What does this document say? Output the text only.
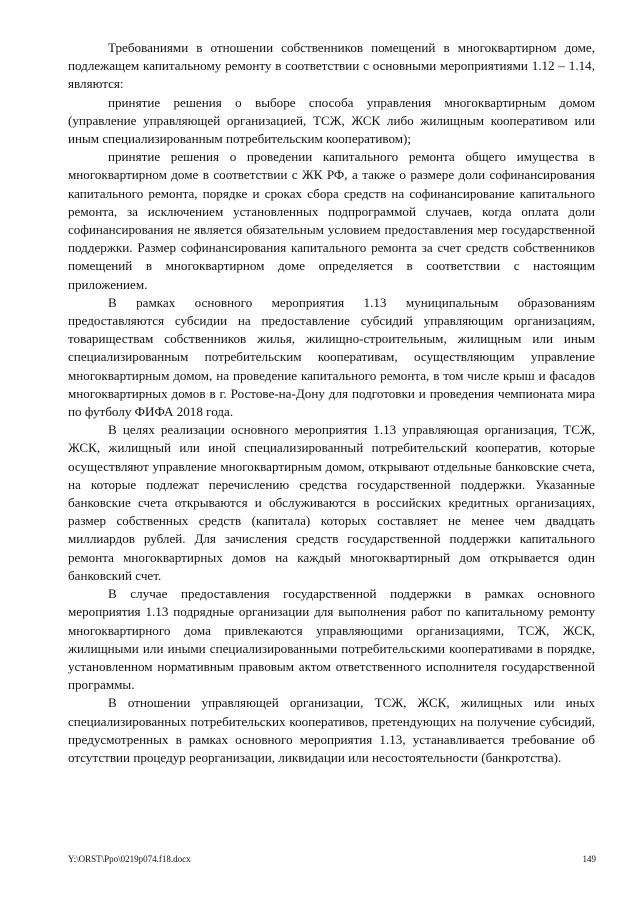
Требованиями в отношении собственников помещений в многоквартирном доме, подлежащем капитальному ремонту в соответствии с основными мероприятиями 1.12 – 1.14, являются:

принятие решения о выборе способа управления многоквартирным домом (управление управляющей организацией, ТСЖ, ЖСК либо жилищным кооперативом или иным специализированным потребительским кооперативом);

принятие решения о проведении капитального ремонта общего имущества в многоквартирном доме в соответствии с ЖК РФ, а также о размере доли софинансирования капитального ремонта, порядке и сроках сбора средств на софинансирование капитального ремонта, за исключением установленных подпрограммой случаев, когда оплата доли софинансирования не является обязательным условием предоставления мер государственной поддержки. Размер софинансирования капитального ремонта за счет средств собственников помещений в многоквартирном доме определяется в соответствии с настоящим приложением.

В рамках основного мероприятия 1.13 муниципальным образованиям предоставляются субсидии на предоставление субсидий управляющим организациям, товариществам собственников жилья, жилищно-строительным, жилищным или иным специализированным потребительским кооперативам, осуществляющим управление многоквартирным домом, на проведение капитального ремонта, в том числе крыш и фасадов многоквартирных домов в г. Ростове-на-Дону для подготовки и проведения чемпионата мира по футболу ФИФА 2018 года.

В целях реализации основного мероприятия 1.13 управляющая организация, ТСЖ, ЖСК, жилищный или иной специализированный потребительский кооператив, которые осуществляют управление многоквартирным домом, открывают отдельные банковские счета, на которые подлежат перечислению средства государственной поддержки. Указанные банковские счета открываются и обслуживаются в российских кредитных организациях, размер собственных средств (капитала) которых составляет не менее чем двадцать миллиардов рублей. Для зачисления средств государственной поддержки капитального ремонта многоквартирных домов на каждый многоквартирный дом открывается один банковский счет.

В случае предоставления государственной поддержки в рамках основного мероприятия 1.13 подрядные организации для выполнения работ по капитальному ремонту многоквартирного дома привлекаются управляющими организациями, ТСЖ, ЖСК, жилищными или иными специализированными потребительскими кооперативами в порядке, установленном нормативным правовым актом ответственного исполнителя государственной программы.

В отношении управляющей организации, ТСЖ, ЖСК, жилищных или иных специализированных потребительских кооперативов, претендующих на получение субсидий, предусмотренных в рамках основного мероприятия 1.13, устанавливается требование об отсутствии процедур реорганизации, ликвидации или несостоятельности (банкротства).

Y:\ORST\Ppo\0219p074.f18.docx	149
